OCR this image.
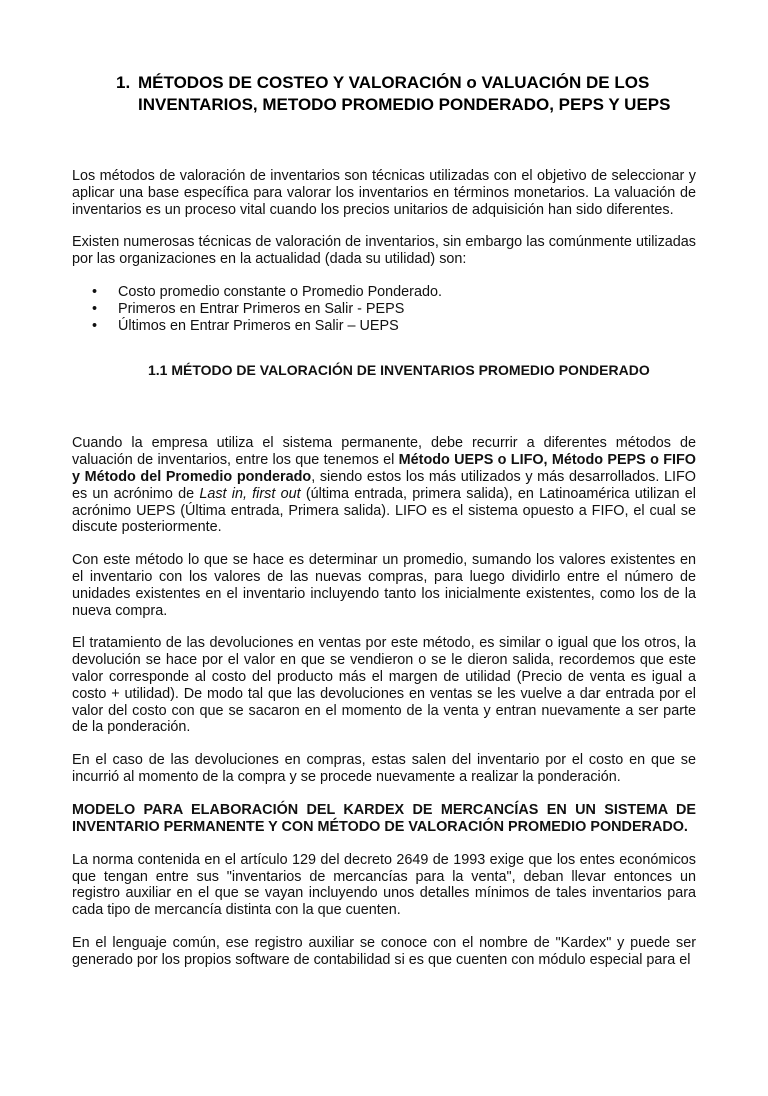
1. MÉTODOS DE COSTEO Y VALORACIÓN o VALUACIÓN DE LOS
INVENTARIOS, METODO PROMEDIO PONDERADO, PEPS Y UEPS

Los métodos de valoración de inventarios son técnicas utilizadas con el objetivo de seleccionar y aplicar una base específica para valorar los inventarios en términos monetarios. La valuación de inventarios es un proceso vital cuando los precios unitarios de adquisición han sido diferentes.

Existen numerosas técnicas de valoración de inventarios, sin embargo las comúnmente utilizadas por las organizaciones en la actualidad (dada su utilidad) son:

• Costo promedio constante o Promedio Ponderado.
• Primeros en Entrar Primeros en Salir - PEPS
• Últimos en Entrar Primeros en Salir – UEPS
1.1 MÉTODO DE VALORACIÓN DE INVENTARIOS PROMEDIO PONDERADO

Cuando la empresa utiliza el sistema permanente, debe recurrir a diferentes métodos de valuación de inventarios, entre los que tenemos el Método UEPS o LIFO, Método PEPS o FIFO y Método del Promedio ponderado, siendo estos los más utilizados y más desarrollados. LIFO es un acrónimo de Last in, first out (última entrada, primera salida), en Latinoamérica utilizan el acrónimo UEPS (Última entrada, Primera salida). LIFO es el sistema opuesto a FIFO, el cual se discute posteriormente.

Con este método lo que se hace es determinar un promedio, sumando los valores existentes en el inventario con los valores de las nuevas compras, para luego dividirlo entre el número de unidades existentes en el inventario incluyendo tanto los inicialmente existentes, como los de la nueva compra.

El tratamiento de las devoluciones en ventas por este método, es similar o igual que los otros, la devolución se hace por el valor en que se vendieron o se le dieron salida, recordemos que este valor corresponde al costo del producto más el margen de utilidad (Precio de venta es igual a costo + utilidad). De modo tal que las devoluciones en ventas se les vuelve a dar entrada por el valor del costo con que se sacaron en el momento de la venta y entran nuevamente a ser parte de la ponderación.

En el caso de las devoluciones en compras, estas salen del inventario por el costo en que se incurrió al momento de la compra y se procede nuevamente a realizar la ponderación.

MODELO PARA ELABORACIÓN DEL KARDEX DE MERCANCÍAS EN UN SISTEMA DE INVENTARIO PERMANENTE Y CON MÉTODO DE VALORACIÓN PROMEDIO PONDERADO.

La norma contenida en el artículo 129 del decreto 2649 de 1993 exige que los entes económicos que tengan entre sus "inventarios de mercancías para la venta", deban llevar entonces un registro auxiliar en el que se vayan incluyendo unos detalles mínimos de tales inventarios para cada tipo de mercancía distinta con la que cuenten.

En el lenguaje común, ese registro auxiliar se conoce con el nombre de "Kardex" y puede ser generado por los propios software de contabilidad si es que cuenten con módulo especial para el
